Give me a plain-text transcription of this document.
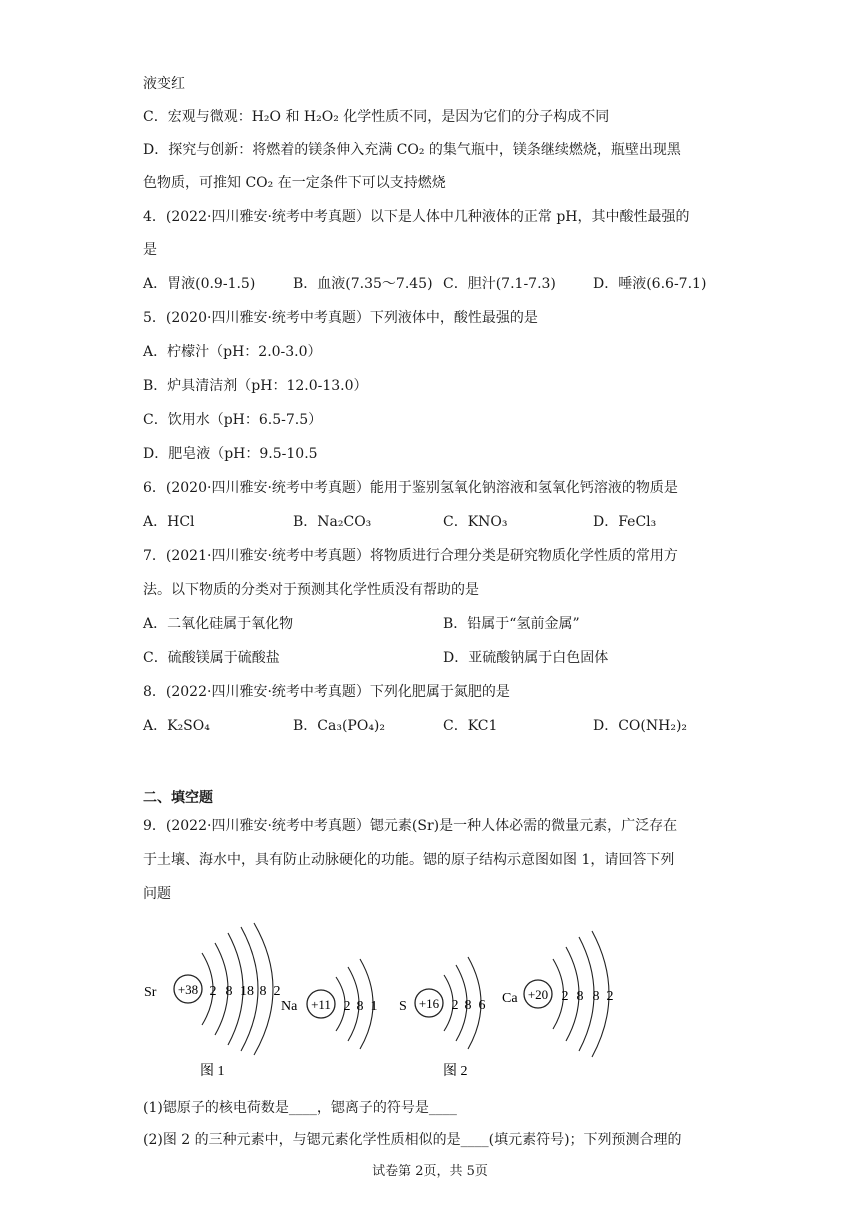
液变红
C．宏观与微观：H₂O 和 H₂O₂ 化学性质不同，是因为它们的分子构成不同
D．探究与创新：将燃着的镁条伸入充满 CO₂ 的集气瓶中，镁条继续燃烧，瓶壁出现黑
色物质，可推知 CO₂ 在一定条件下可以支持燃烧
4．(2022·四川雅安·统考中考真题）以下是人体中几种液体的正常 pH，其中酸性最强的
是
A．胃液(0.9-1.5)	B．血液(7.35～7.45) C．胆汁(7.1-7.3)	D．唾液(6.6-7.1)
5．(2020·四川雅安·统考中考真题）下列液体中，酸性最强的是
A．柠檬汁（pH：2.0-3.0）
B．炉具清洁剂（pH：12.0-13.0）
C．饮用水（pH：6.5-7.5）
D．肥皂液（pH：9.5-10.5
6．(2020·四川雅安·统考中考真题）能用于鉴别氢氧化钠溶液和氢氧化钙溶液的物质是
A．HCl	B．Na₂CO₃	C．KNO₃	D．FeCl₃
7．(2021·四川雅安·统考中考真题）将物质进行合理分类是研究物质化学性质的常用方
法。以下物质的分类对于预测其化学性质没有帮助的是
A．二氧化硅属于氧化物	B．铅属于“氢前金属”
C．硫酸镁属于硫酸盐	D．亚硫酸钠属于白色固体
8．(2022·四川雅安·统考中考真题）下列化肥属于氮肥的是
A．K₂SO₄	B．Ca₃(PO₄)₂	C．KC1	D．CO(NH₂)₂
二、填空题
9．(2022·四川雅安·统考中考真题）锶元素(Sr)是一种人体必需的微量元素，广泛存在
于土壤、海水中，具有防止动脉硬化的功能。锶的原子结构示意图如图 1，请回答下列
问题
Sr +38 2 8 18 8 2
Na +11 2 8 1 S +16 2 8 6 Ca +20 2 8 8 2
图 1	图 2
(1)锶原子的核电荷数是____，锶离子的符号是____
(2)图 2 的三种元素中，与锶元素化学性质相似的是____(填元素符号)；下列预测合理的
试卷第 2页，共 5页
